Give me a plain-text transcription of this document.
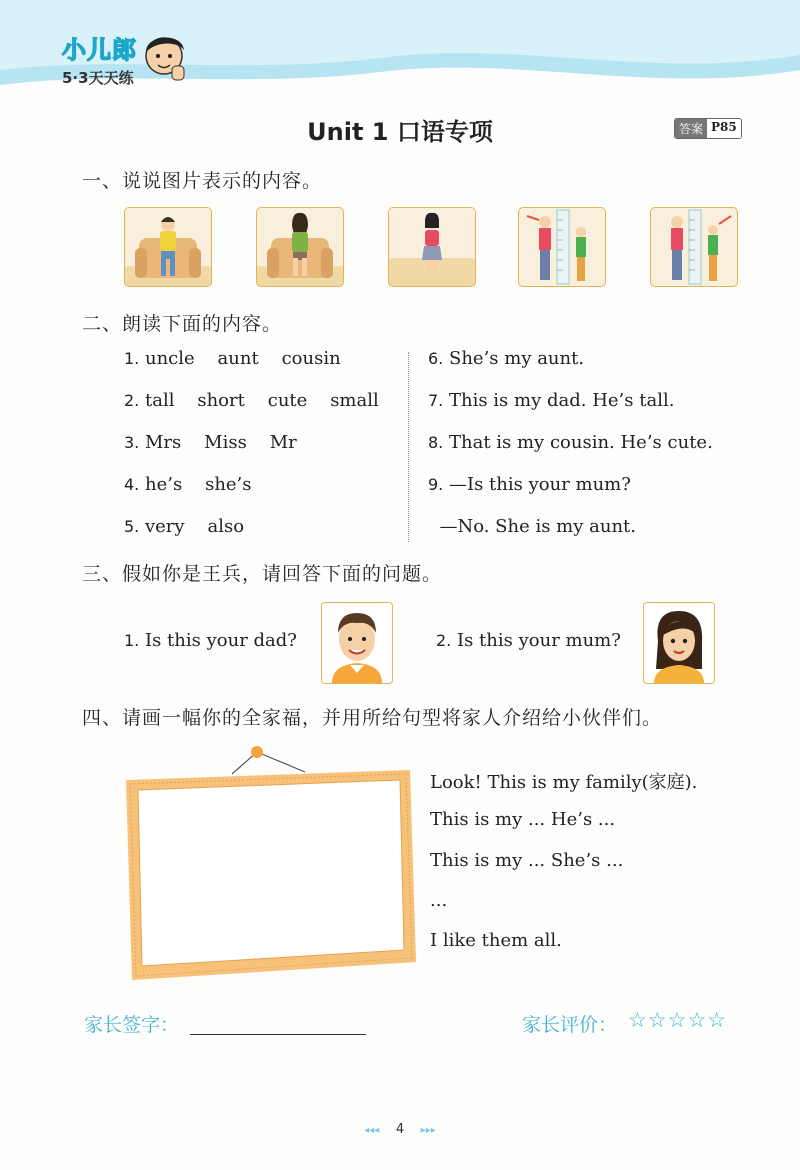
小儿郎
5·3天天练
Unit 1 口语专项	答案 P85
一、说说图片表示的内容。
二、朗读下面的内容。
1. uncle    aunt    cousin
2. tall    short    cute    small
3. Mrs    Miss    Mr
4. he’s    she’s
5. very    also
6. She’s my aunt.
7. This is my dad. He’s tall.
8. That is my cousin. He’s cute.
9. —Is this your mum?
—No. She is my aunt.
三、假如你是王兵，请回答下面的问题。
1. Is this your dad?	2. Is this your mum?
四、请画一幅你的全家福，并用所给句型将家人介绍给小伙伴们。
Look! This is my family(家庭).
This is my ... He’s ...
This is my ... She’s ...
...
I like them all.
家长签字：	家长评价： ☆☆☆☆☆
◂◂◂ 4 ▸▸▸
